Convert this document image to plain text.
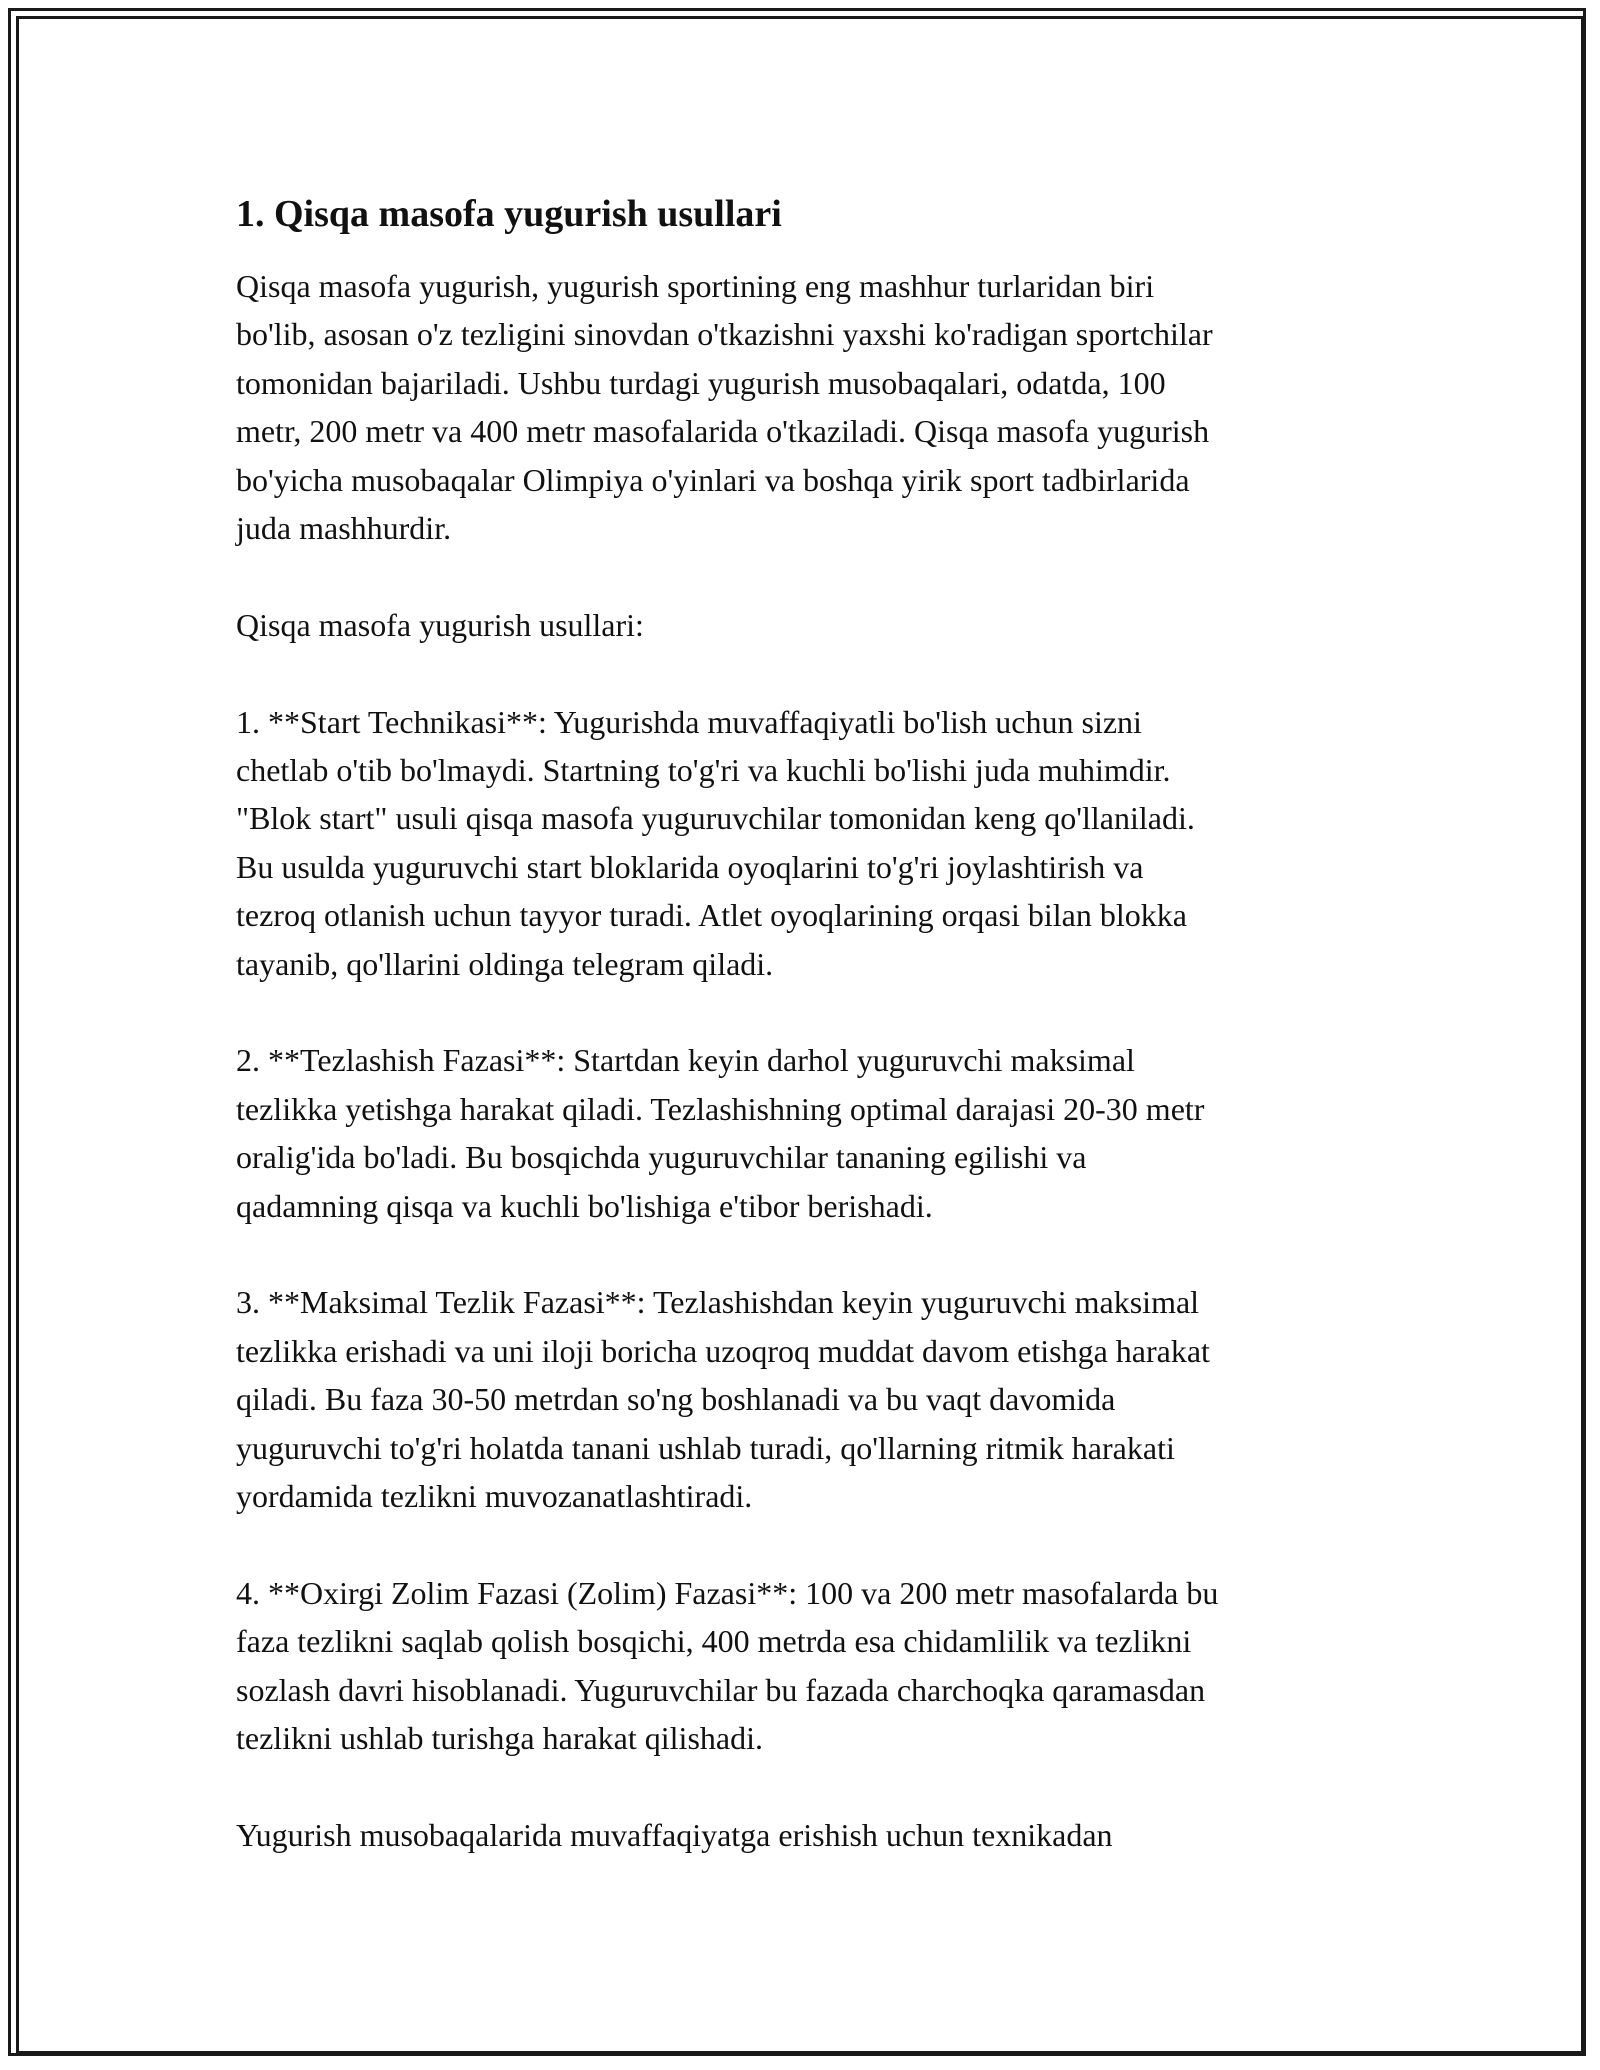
1. Qisqa masofa yugurish usullari

Qisqa masofa yugurish, yugurish sportining eng mashhur turlaridan biri
bo'lib, asosan o'z tezligini sinovdan o'tkazishni yaxshi ko'radigan sportchilar
tomonidan bajariladi. Ushbu turdagi yugurish musobaqalari, odatda, 100
metr, 200 metr va 400 metr masofalarida o'tkaziladi. Qisqa masofa yugurish
bo'yicha musobaqalar Olimpiya o'yinlari va boshqa yirik sport tadbirlarida
juda mashhurdir.

Qisqa masofa yugurish usullari:

1. **Start Technikasi**: Yugurishda muvaffaqiyatli bo'lish uchun sizni
chetlab o'tib bo'lmaydi. Startning to'g'ri va kuchli bo'lishi juda muhimdir.
"Blok start" usuli qisqa masofa yuguruvchilar tomonidan keng qo'llaniladi.
Bu usulda yuguruvchi start bloklarida oyoqlarini to'g'ri joylashtirish va
tezroq otlanish uchun tayyor turadi. Atlet oyoqlarining orqasi bilan blokka
tayanib, qo'llarini oldinga telegram qiladi.

2. **Tezlashish Fazasi**: Startdan keyin darhol yuguruvchi maksimal
tezlikka yetishga harakat qiladi. Tezlashishning optimal darajasi 20-30 metr
oralig'ida bo'ladi. Bu bosqichda yuguruvchilar tananing egilishi va
qadamning qisqa va kuchli bo'lishiga e'tibor berishadi.

3. **Maksimal Tezlik Fazasi**: Tezlashishdan keyin yuguruvchi maksimal
tezlikka erishadi va uni iloji boricha uzoqroq muddat davom etishga harakat
qiladi. Bu faza 30-50 metrdan so'ng boshlanadi va bu vaqt davomida
yuguruvchi to'g'ri holatda tanani ushlab turadi, qo'llarning ritmik harakati
yordamida tezlikni muvozanatlashtiradi.

4. **Oxirgi Zolim Fazasi (Zolim) Fazasi**: 100 va 200 metr masofalarda bu
faza tezlikni saqlab qolish bosqichi, 400 metrda esa chidamlilik va tezlikni
sozlash davri hisoblanadi. Yuguruvchilar bu fazada charchoqka qaramasdan
tezlikni ushlab turishga harakat qilishadi.

Yugurish musobaqalarida muvaffaqiyatga erishish uchun texnikadan
